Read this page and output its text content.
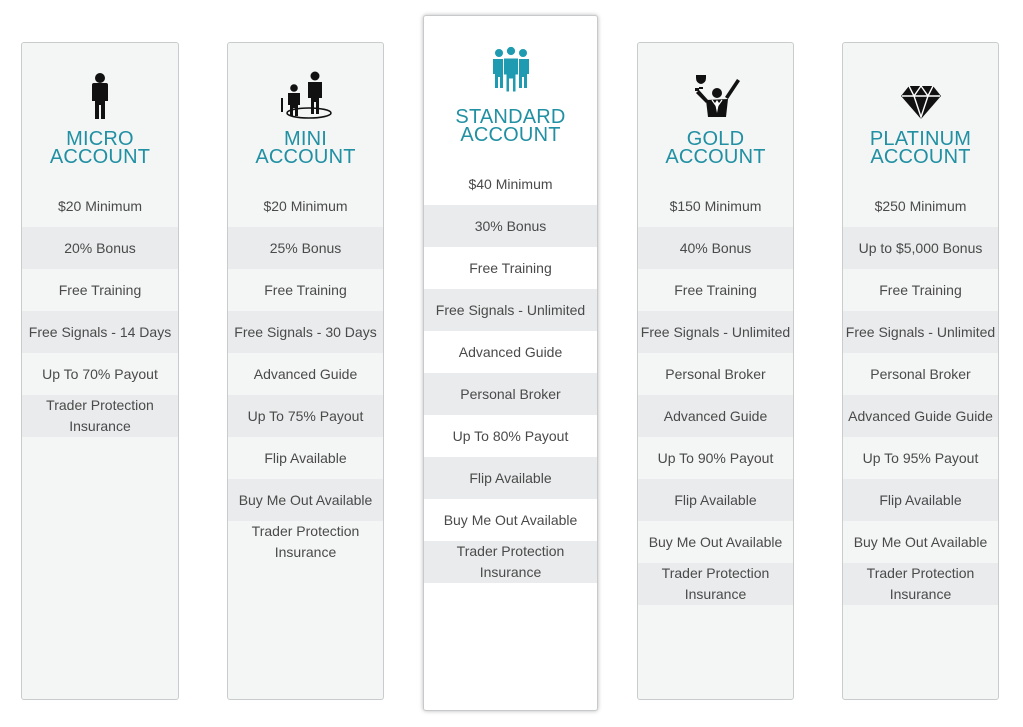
MICRO
ACCOUNT
$20 Minimum
20% Bonus
Free Training
Free Signals - 14 Days
Up To 70% Payout
Trader Protection Insurance
MINI
ACCOUNT
$20 Minimum
25% Bonus
Free Training
Free Signals - 30 Days
Advanced Guide
Up To 75% Payout
Flip Available
Buy Me Out Available
Trader Protection Insurance
STANDARD
ACCOUNT
$40 Minimum
30% Bonus
Free Training
Free Signals - Unlimited
Advanced Guide
Personal Broker
Up To 80% Payout
Flip Available
Buy Me Out Available
Trader Protection Insurance
GOLD
ACCOUNT
$150 Minimum
40% Bonus
Free Training
Free Signals - Unlimited
Personal Broker
Advanced Guide
Up To 90% Payout
Flip Available
Buy Me Out Available
Trader Protection Insurance
PLATINUM
ACCOUNT
$250 Minimum
Up to $5,000 Bonus
Free Training
Free Signals - Unlimited
Personal Broker
Advanced Guide Guide
Up To 95% Payout
Flip Available
Buy Me Out Available
Trader Protection Insurance
